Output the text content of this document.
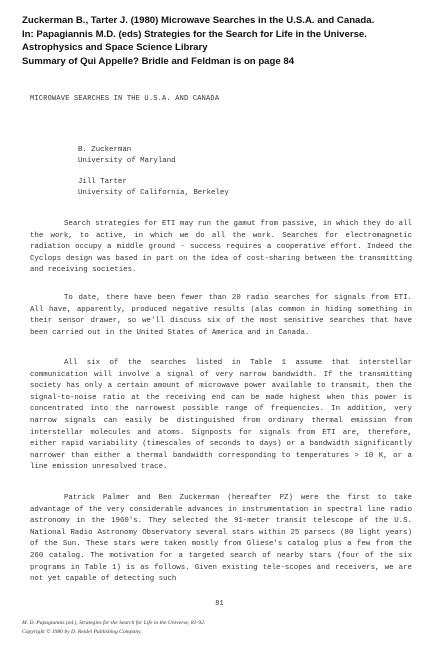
Zuckerman B., Tarter J. (1980) Microwave Searches in the U.S.A. and Canada.
In: Papagiannis M.D. (eds) Strategies for the Search for Life in the Universe.
Astrophysics and Space Science Library
Summary of Qui Appelle? Bridle and Feldman is on page 84
MICROWAVE SEARCHES IN THE U.S.A. AND CANADA
B. Zuckerman
University of Maryland
Jill Tarter
University of California, Berkeley
Search strategies for ETI may run the gamut from passive, in which they do all the work, to active, in which we do all the work. Searches for electromagnetic radiation occupy a middle ground - success requires a cooperative effort. Indeed the Cyclops design was based in part on the idea of cost-sharing between the transmitting and receiving societies.
To date, there have been fewer than 20 radio searches for signals from ETI. All have, apparently, produced negative results (alas common in hiding something in their sensor drawer, so we'll discuss six of the most sensitive searches that have been carried out in the United States of America and in Canada.
All six of the searches listed in Table 1 assume that interstellar communication will involve a signal of very narrow bandwidth. If the transmitting society has only a certain amount of microwave power available to transmit, then the signal-to-noise ratio at the receiving end can be made highest when this power is concentrated into the narrowest possible range of frequencies. In addition, very narrow signals can easily be distinguished from ordinary thermal emission from interstellar molecules and atoms. Signposts for signals from ETI are, therefore, either rapid variability (timescales of seconds to days) or a bandwidth significantly narrower than either a thermal bandwidth corresponding to temperatures > 10 K, or a line emission unresolved trace.
Patrick Palmer and Ben Zuckerman (hereafter PZ) were the first to take advantage of the very considerable advances in instrumentation in spectral line radio astronomy in the 1960's. They selected the 91-meter transit telescope of the U.S. National Radio Astronomy Observatory several stars within 25 parsecs (80 light years) of the Sun. These stars were taken mostly from Gliese's catalog plus a few from the 260 catalog. The motivation for a targeted search of nearby stars (four of the six programs in Table 1) is as follows. Given existing tele-scopes and receivers, we are not yet capable of detecting such
81
M. D. Papagiannis (ed.), Strategies for the Search for Life in the Universe, 81-92.
Copyright © 1980 by D. Reidel Publishing Company.
